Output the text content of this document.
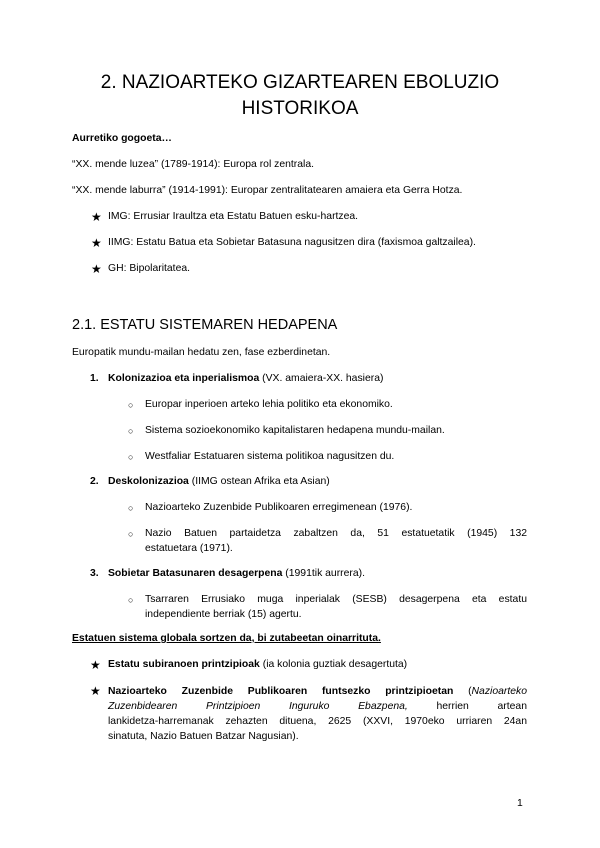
2. NAZIOARTEKO GIZARTEAREN EBOLUZIO
HISTORIKOA
Aurretiko gogoeta…
“XX. mende luzea” (1789-1914): Europa rol zentrala.
“XX. mende laburra” (1914-1991): Europar zentralitatearen amaiera eta Gerra Hotza.
★ IMG: Errusiar Iraultza eta Estatu Batuen esku-hartzea.
★ IIMG: Estatu Batua eta Sobietar Batasuna nagusitzen dira (faxismoa galtzailea).
★ GH: Bipolaritatea.
2.1. ESTATU SISTEMAREN HEDAPENA
Europatik mundu-mailan hedatu zen, fase ezberdinetan.
1. Kolonizazioa eta inperialismoa (VX. amaiera-XX. hasiera)
○ Europar inperioen arteko lehia politiko eta ekonomiko.
○ Sistema sozioekonomiko kapitalistaren hedapena mundu-mailan.
○ Westfaliar Estatuaren sistema politikoa nagusitzen du.
2. Deskolonizazioa (IIMG ostean Afrika eta Asian)
○ Nazioarteko Zuzenbide Publikoaren erregimenean (1976).
○ Nazio Batuen partaidetza zabaltzen da, 51 estatuetatik (1945) 132
estatuetara (1971).
3. Sobietar Batasunaren desagerpena (1991tik aurrera).
○ Tsarraren Errusiako muga inperialak (SESB) desagerpena eta estatu
independiente berriak (15) agertu.
Estatuen sistema globala sortzen da, bi zutabeetan oinarrituta.
★ Estatu subiranoen printzipioak (ia kolonia guztiak desagertuta)
★ Nazioarteko Zuzenbide Publikoaren funtsezko printzipioetan (Nazioarteko
Zuzenbidearen Printzipioen Inguruko Ebazpena, herrien artean
lankidetza-harremanak zehazten dituena, 2625 (XXVI, 1970eko urriaren 24an
sinatuta, Nazio Batuen Batzar Nagusian).
1
